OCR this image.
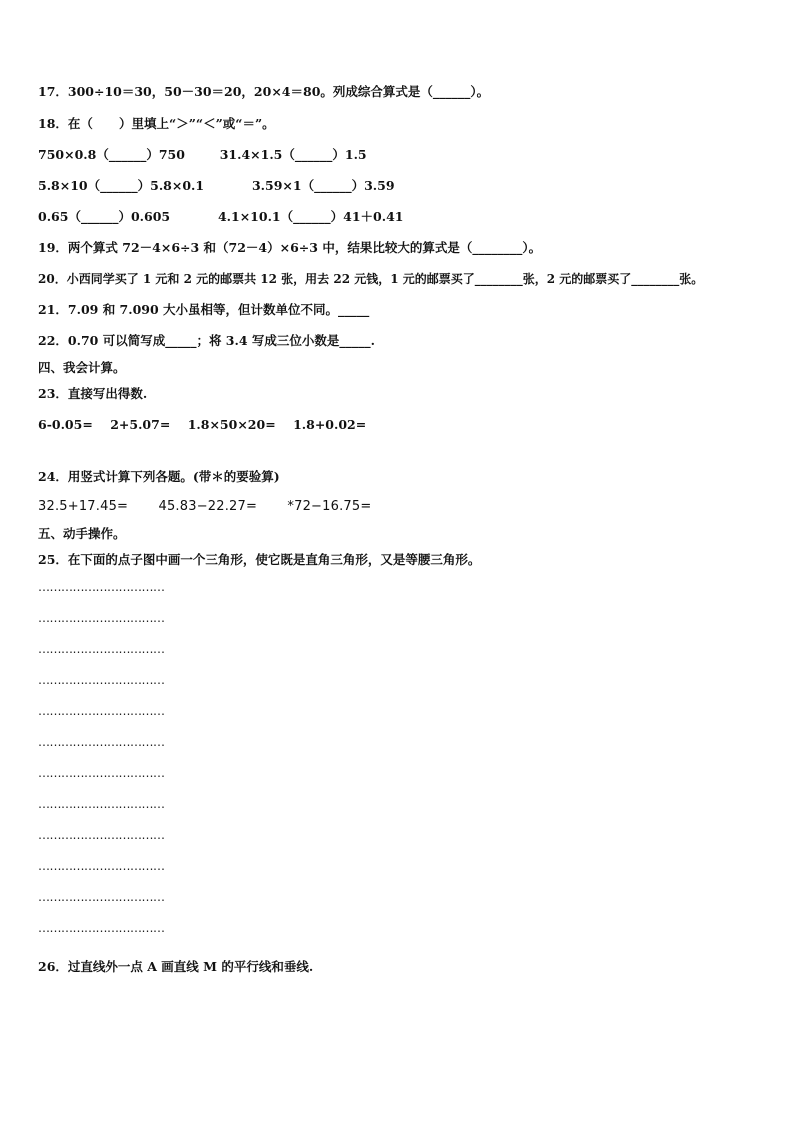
17．300÷10＝30，50－30＝20，20×4＝80。列成综合算式是（______）。
18．在（      ）里填上“＞”“＜”或“＝”。
750×0.8（______）750        31.4×1.5（______）1.5
5.8×10（______）5.8×0.1           3.59×1（______）3.59
0.65（______）0.605           4.1×10.1（______）41＋0.41
19．两个算式 72－4×6÷3 和（72－4）×6÷3 中，结果比较大的算式是（________）。
20．小西同学买了 1 元和 2 元的邮票共 12 张，用去 22 元钱，1 元的邮票买了________张，2 元的邮票买了________张。
21．7.09 和 7.090 大小虽相等，但计数单位不同。_____
22．0.70 可以简写成_____；将 3.4 写成三位小数是_____.
四、我会计算。
23．直接写出得数.
6-0.05=    2+5.07=    1.8×50×20=    1.8+0.02=
24．用竖式计算下列各题。(带＊的要验算)
32.5+17.45=       45.83−22.27=       *72−16.75=
五、动手操作。
25．在下面的点子图中画一个三角形，使它既是直角三角形，又是等腰三角形。
……………………………
……………………………
……………………………
……………………………
……………………………
……………………………
……………………………
……………………………
……………………………
……………………………
……………………………
……………………………
26．过直线外一点 A 画直线 M 的平行线和垂线.
